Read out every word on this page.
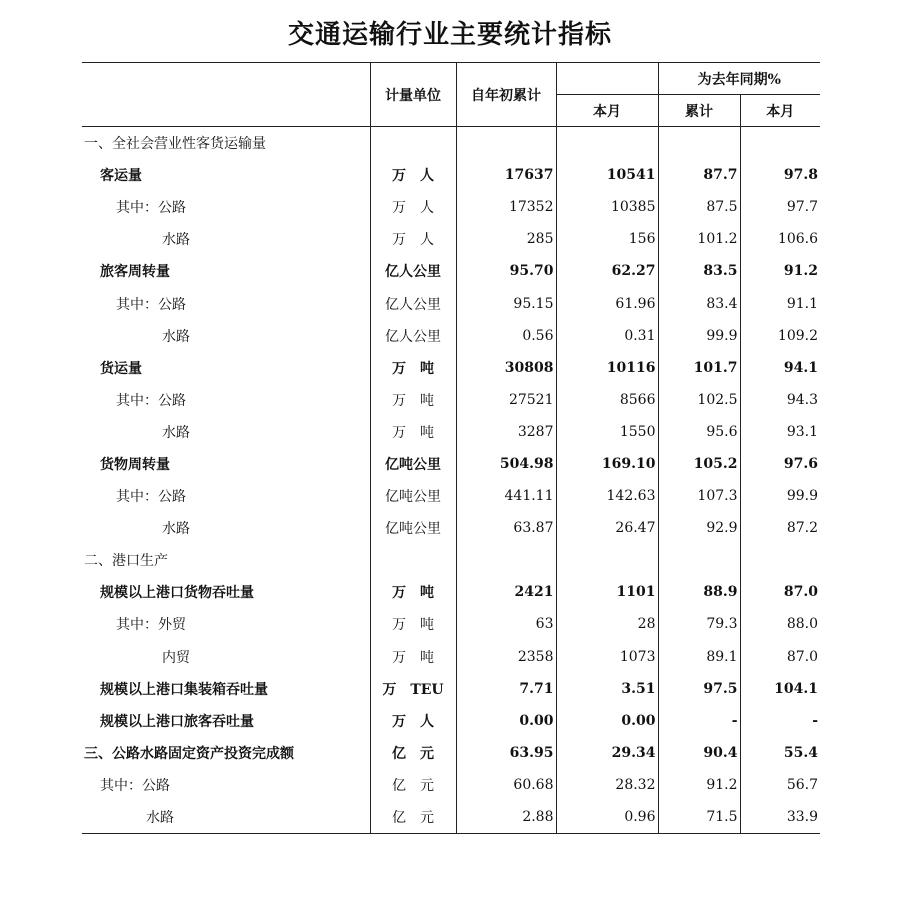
交通运输行业主要统计指标
	计量单位	自年初累计		为去年同期%	
			本月	累计	本月
一、全社会营业性客货运输量					
客运量	万　人	17637	10541	87.7	97.8
其中：公路	万　人	17352	10385	87.5	97.7
水路	万　人	285	156	101.2	106.6
旅客周转量	亿人公里	95.70	62.27	83.5	91.2
其中：公路	亿人公里	95.15	61.96	83.4	91.1
水路	亿人公里	0.56	0.31	99.9	109.2
货运量	万　吨	30808	10116	101.7	94.1
其中：公路	万　吨	27521	8566	102.5	94.3
水路	万　吨	3287	1550	95.6	93.1
货物周转量	亿吨公里	504.98	169.10	105.2	97.6
其中：公路	亿吨公里	441.11	142.63	107.3	99.9
水路	亿吨公里	63.87	26.47	92.9	87.2
二、港口生产					
规模以上港口货物吞吐量	万　吨	2421	1101	88.9	87.0
其中：外贸	万　吨	63	28	79.3	88.0
内贸	万　吨	2358	1073	89.1	87.0
规模以上港口集装箱吞吐量	万　TEU	7.71	3.51	97.5	104.1
规模以上港口旅客吞吐量	万　人	0.00	0.00	-	-
三、公路水路固定资产投资完成额	亿　元	63.95	29.34	90.4	55.4
其中：公路	亿　元	60.68	28.32	91.2	56.7
水路	亿　元	2.88	0.96	71.5	33.9
